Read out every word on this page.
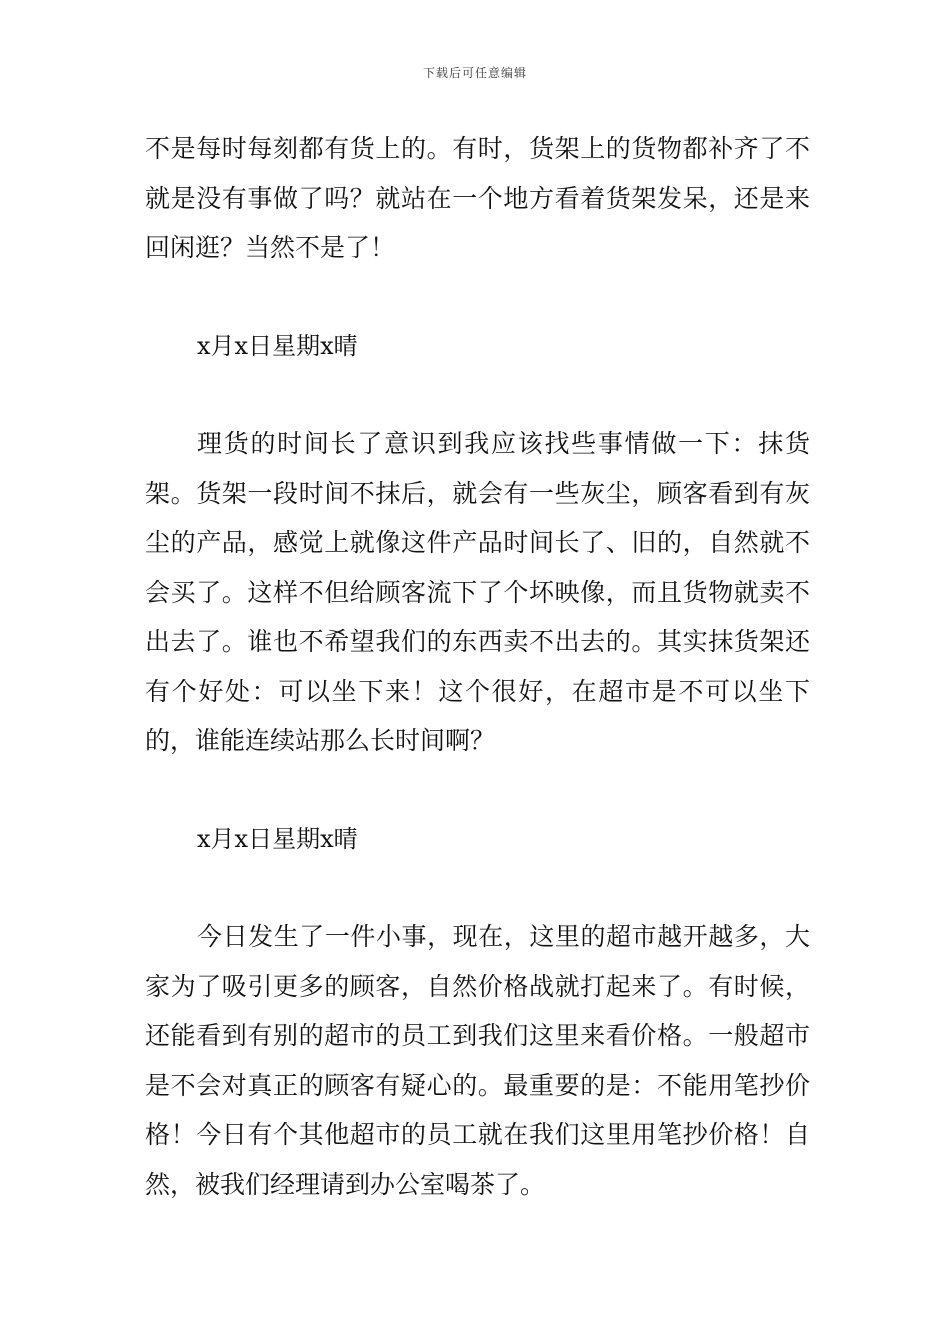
下载后可任意编辑

不是每时每刻都有货上的。有时，货架上的货物都补齐了不就是没有事做了吗？就站在一个地方看着货架发呆，还是来回闲逛？当然不是了！

x月x日星期x晴

理货的时间长了意识到我应该找些事情做一下：抹货架。货架一段时间不抹后，就会有一些灰尘，顾客看到有灰尘的产品，感觉上就像这件产品时间长了、旧的，自然就不会买了。这样不但给顾客流下了个坏映像，而且货物就卖不出去了。谁也不希望我们的东西卖不出去的。其实抹货架还有个好处：可以坐下来！这个很好，在超市是不可以坐下的，谁能连续站那么长时间啊？

x月x日星期x晴

今日发生了一件小事，现在，这里的超市越开越多，大家为了吸引更多的顾客，自然价格战就打起来了。有时候，还能看到有别的超市的员工到我们这里来看价格。一般超市是不会对真正的顾客有疑心的。最重要的是：不能用笔抄价格！今日有个其他超市的员工就在我们这里用笔抄价格！自然，被我们经理请到办公室喝茶了。
